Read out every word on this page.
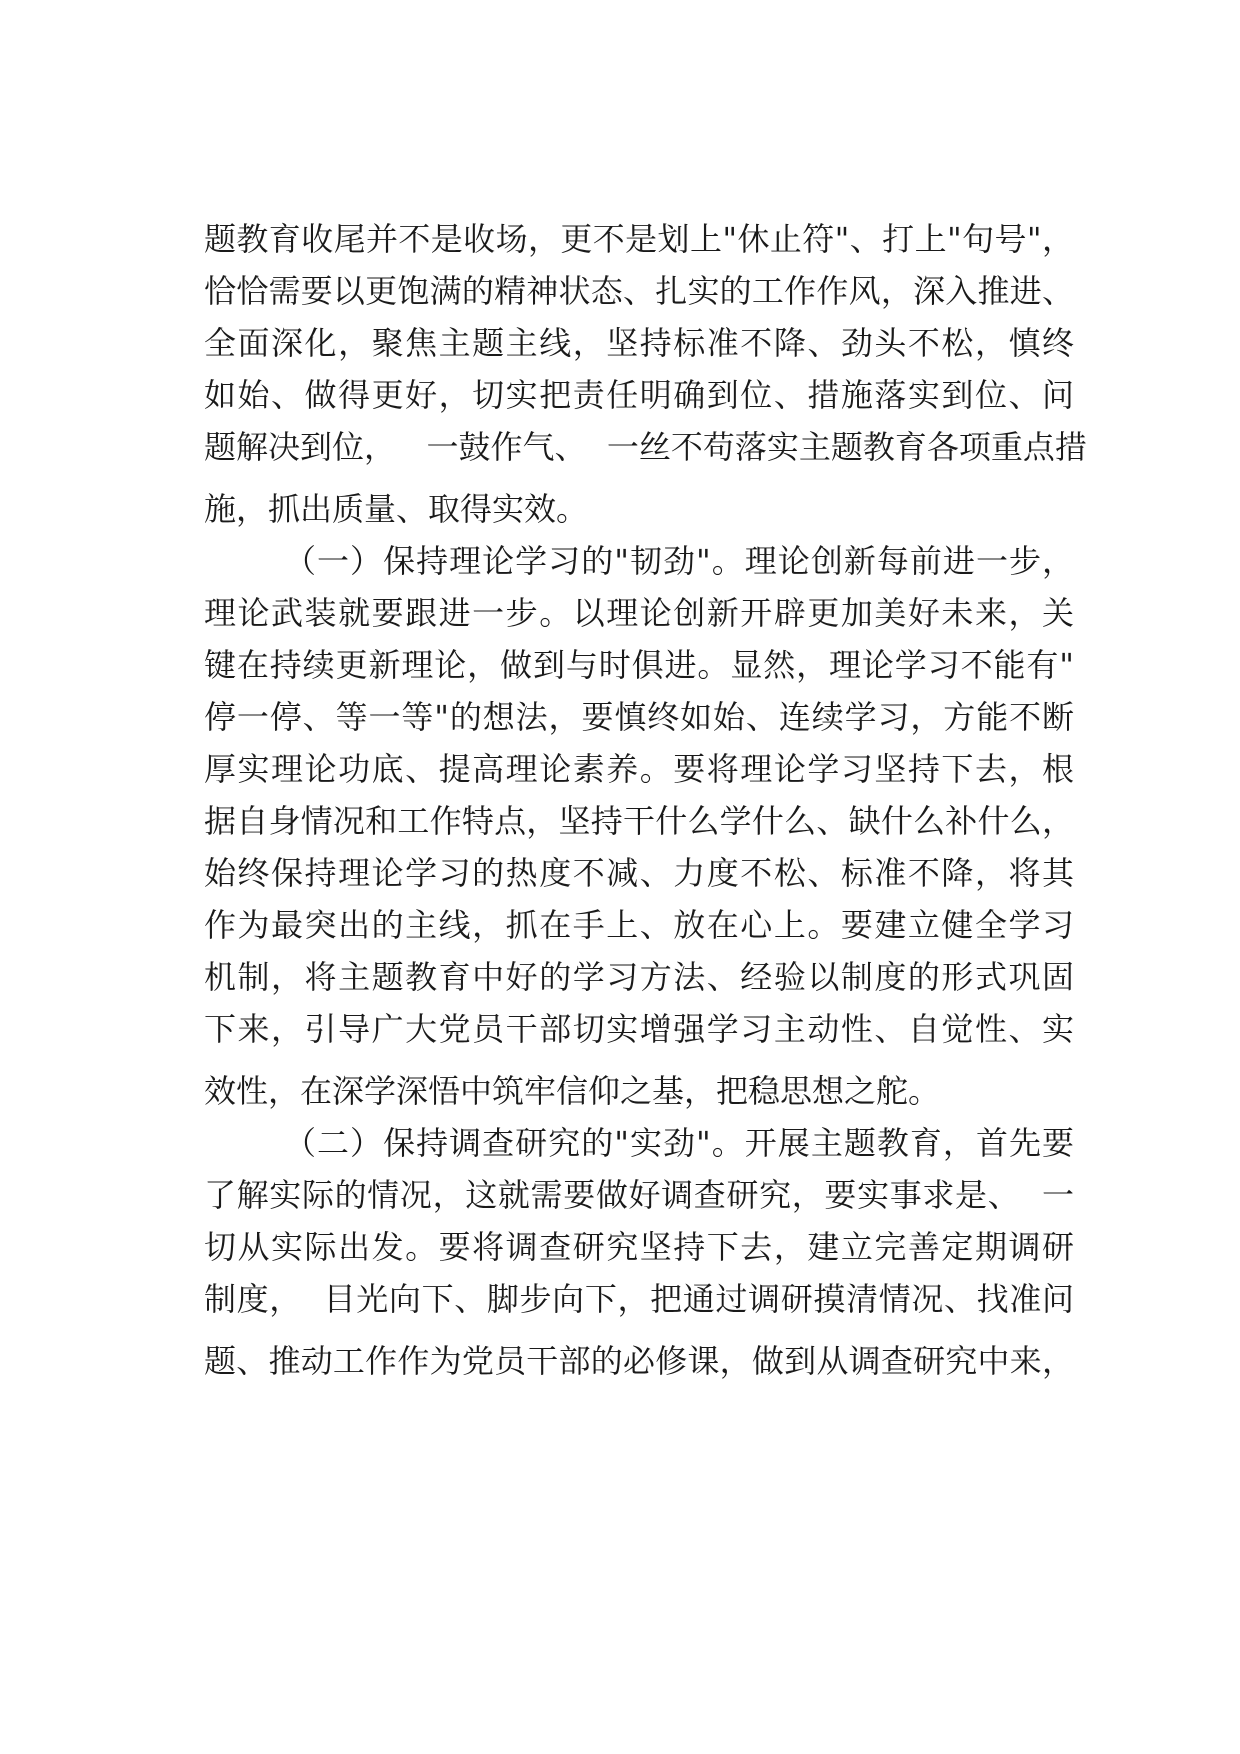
题教育收尾并不是收场，更不是划上"休止符"、打上"句号"，
恰恰需要以更饱满的精神状态、扎实的工作作风，深入推进、
全面深化，聚焦主题主线，坚持标准不降、劲头不松，慎终
如始、做得更好，切实把责任明确到位、措施落实到位、问
题解决到位，   一鼓作气、  一丝不苟落实主题教育各项重点措
施，抓出质量、取得实效。
（一）保持理论学习的"韧劲"。理论创新每前进一步，
理论武装就要跟进一步。以理论创新开辟更加美好未来，关
键在持续更新理论，做到与时俱进。显然，理论学习不能有"
停一停、等一等"的想法，要慎终如始、连续学习，方能不断
厚实理论功底、提高理论素养。要将理论学习坚持下去，根
据自身情况和工作特点，坚持干什么学什么、缺什么补什么，
始终保持理论学习的热度不减、力度不松、标准不降，将其
作为最突出的主线，抓在手上、放在心上。要建立健全学习
机制，将主题教育中好的学习方法、经验以制度的形式巩固
下来，引导广大党员干部切实增强学习主动性、自觉性、实
效性，在深学深悟中筑牢信仰之基，把稳思想之舵。
（二）保持调查研究的"实劲"。开展主题教育，首先要
了解实际的情况，这就需要做好调查研究，要实事求是、  一
切从实际出发。要将调查研究坚持下去，建立完善定期调研
制度，  目光向下、脚步向下，把通过调研摸清情况、找准问
题、推动工作作为党员干部的必修课，做到从调查研究中来，
